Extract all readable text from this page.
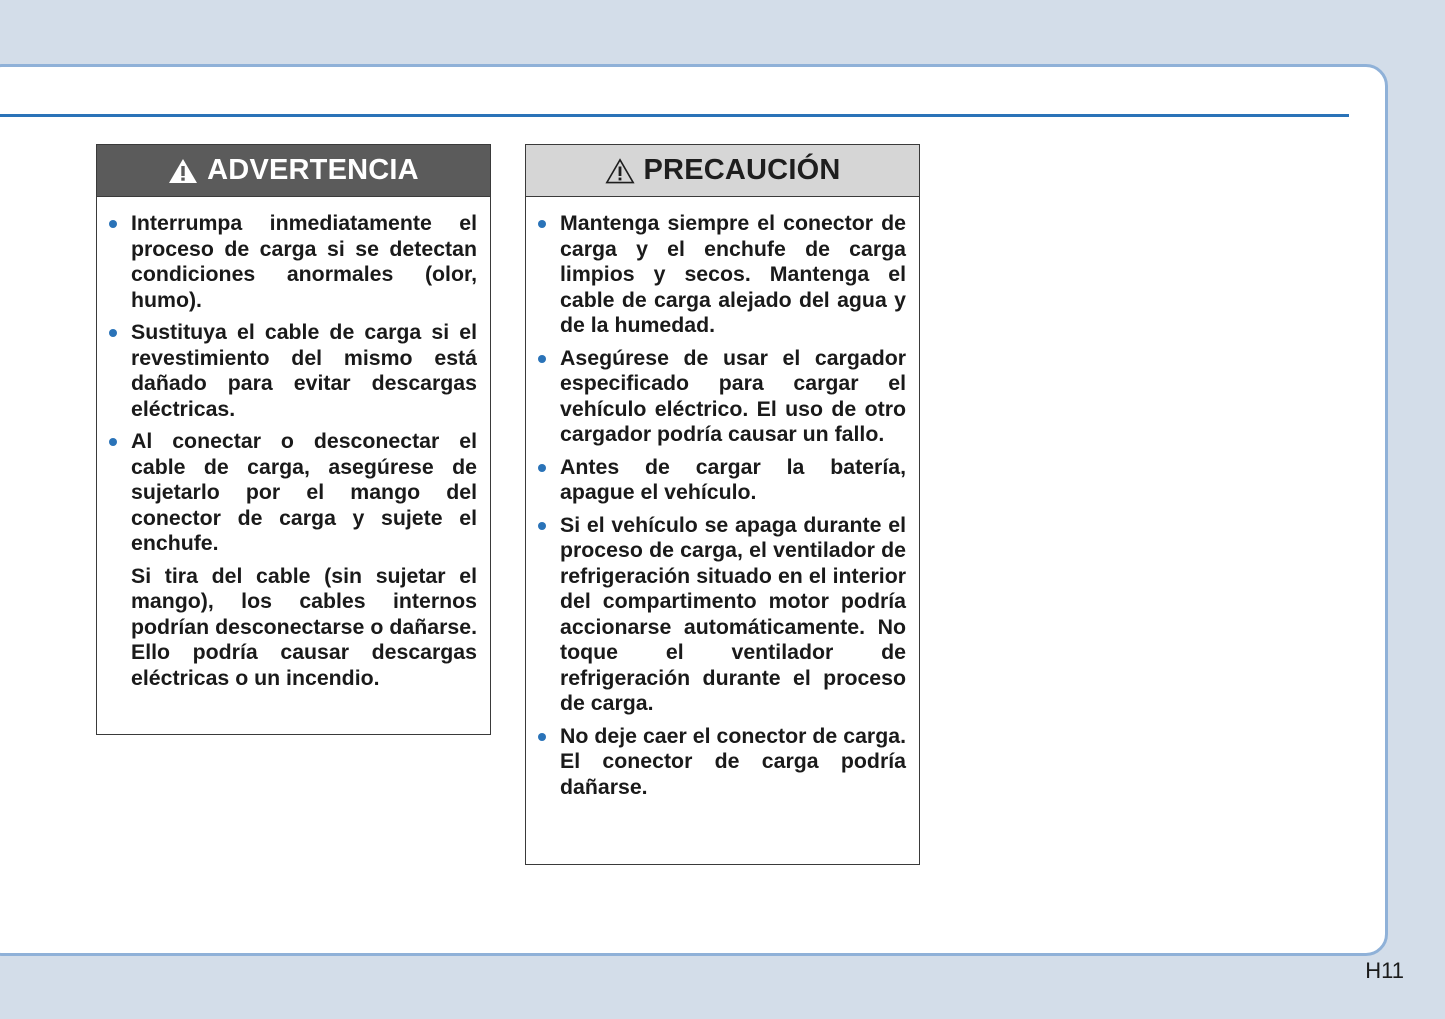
ADVERTENCIA
Interrumpa inmediatamente el proceso de carga si se detectan condiciones anormales (olor, humo).
Sustituya el cable de carga si el revestimiento del mismo está dañado para evitar descargas eléctricas.
Al conectar o desconectar el cable de carga, asegúrese de sujetarlo por el mango del conector de carga y sujete el enchufe.
Si tira del cable (sin sujetar el mango), los cables internos podrían desconectarse o dañarse. Ello podría causar descargas eléctricas o un incendio.
PRECAUCIÓN
Mantenga siempre el conector de carga y el enchufe de carga limpios y secos. Mantenga el cable de carga alejado del agua y de la humedad.
Asegúrese de usar el cargador especificado para cargar el vehículo eléctrico. El uso de otro cargador podría causar un fallo.
Antes de cargar la batería, apague el vehículo.
Si el vehículo se apaga durante el proceso de carga, el ventilador de refrigeración situado en el interior del compartimento motor podría accionarse automáticamente. No toque el ventilador de refrigeración durante el proceso de carga.
No deje caer el conector de carga. El conector de carga podría dañarse.
H11
